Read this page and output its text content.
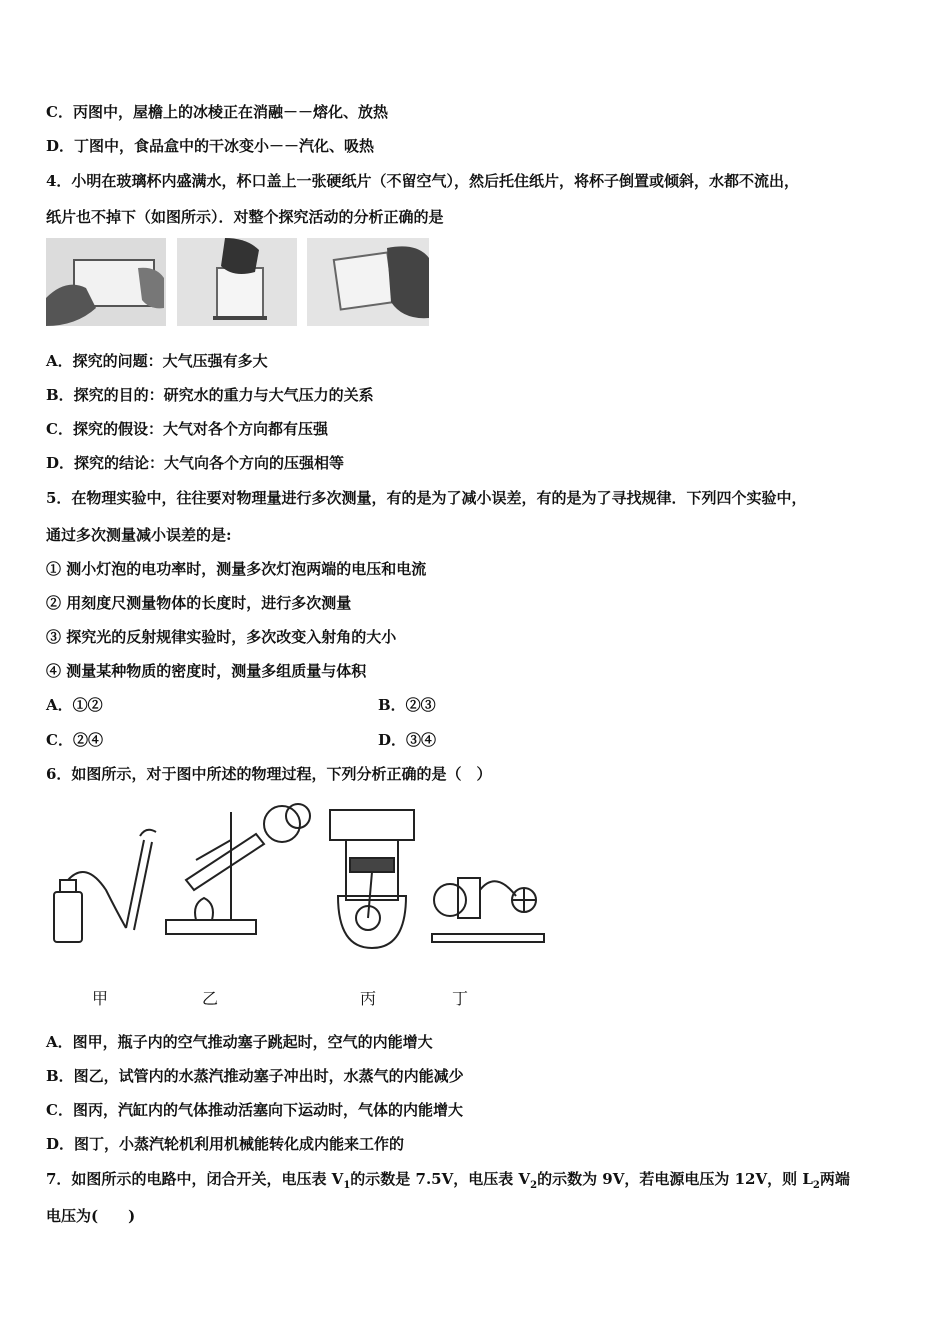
C．丙图中，屋檐上的冰棱正在消融－－熔化、放热
D．丁图中，食品盒中的干冰变小－－汽化、吸热
4．小明在玻璃杯内盛满水，杯口盖上一张硬纸片（不留空气），然后托住纸片，将杯子倒置或倾斜，水都不流出，
纸片也不掉下（如图所示）．对整个探究活动的分析正确的是
A．探究的问题：大气压强有多大
B．探究的目的：研究水的重力与大气压力的关系
C．探究的假设：大气对各个方向都有压强
D．探究的结论：大气向各个方向的压强相等
5．在物理实验中，往往要对物理量进行多次测量，有的是为了减小误差，有的是为了寻找规律．下列四个实验中，
通过多次测量减小误差的是:
① 测小灯泡的电功率时，测量多次灯泡两端的电压和电流
② 用刻度尺测量物体的长度时，进行多次测量
③ 探究光的反射规律实验时，多次改变入射角的大小
④ 测量某种物质的密度时，测量多组质量与体积
A．①②	B．②③
C．②④	D．③④
6．如图所示，对于图中所述的物理过程，下列分析正确的是（　）
甲	乙	丙	丁
A．图甲，瓶子内的空气推动塞子跳起时，空气的内能增大
B．图乙，试管内的水蒸汽推动塞子冲出时，水蒸气的内能减少
C．图丙，汽缸内的气体推动活塞向下运动时，气体的内能增大
D．图丁，小蒸汽轮机利用机械能转化成内能来工作的
7．如图所示的电路中，闭合开关，电压表 $V_1$的示数是 7.5V，电压表 $V_2$的示数为 9V，若电源电压为 12V，则 $L_2$两端
电压为(　　)
